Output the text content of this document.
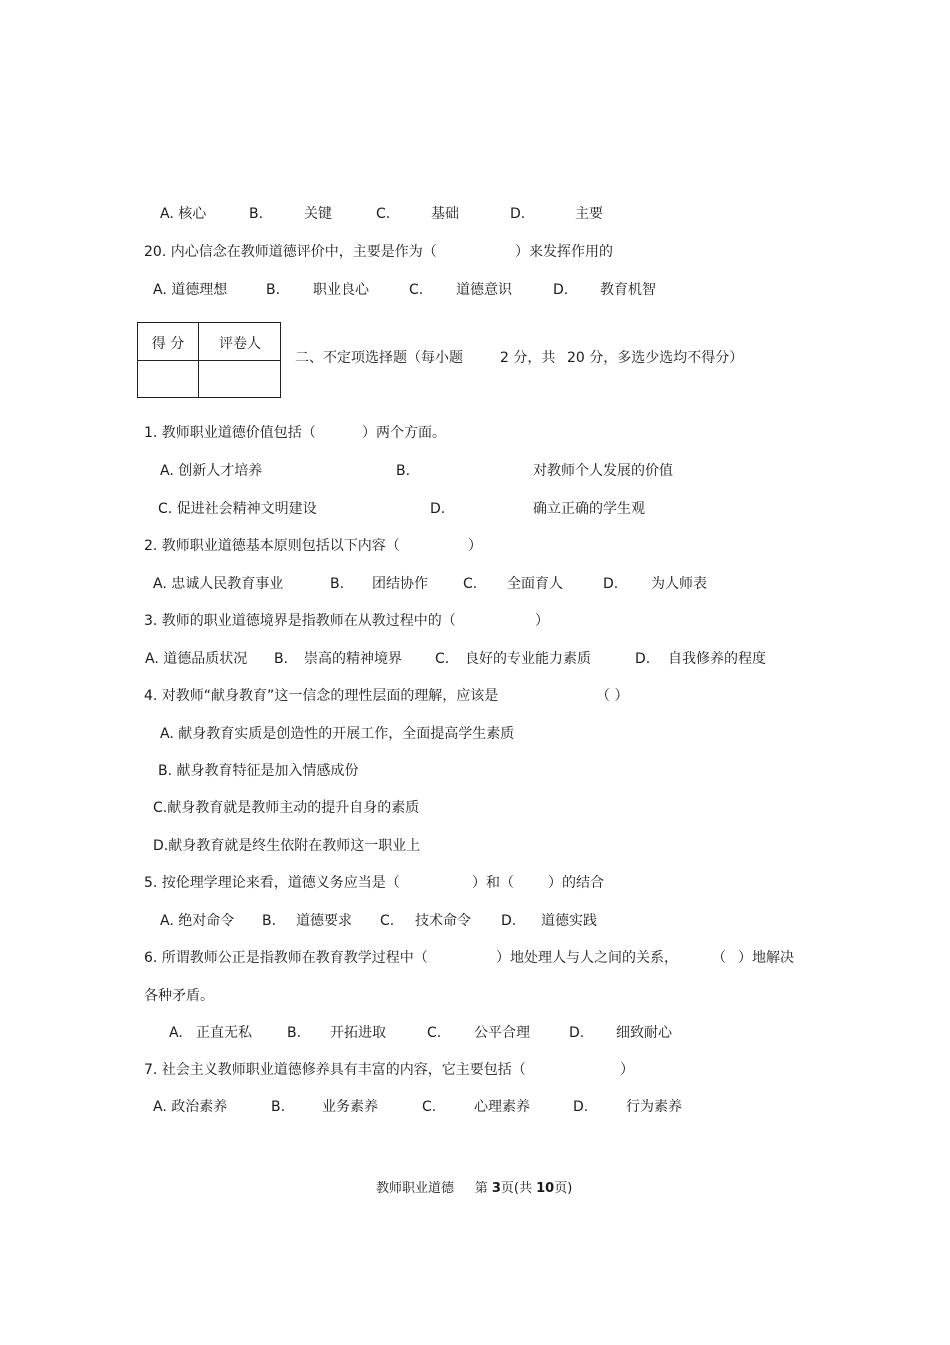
A. 核心	B.	关键	C.	基础	D.	主要
20. 内心信念在教师道德评价中，主要是作为（	）来发挥作用的
A. 道德理想	B. 职业良心	C. 道德意识	D. 教育机智
得 分	评卷人
二、不定项选择题（每小题	2 分，共 20 分，多选少选均不得分）
1. 教师职业道德价值包括（	）两个方面。
A. 创新人才培养	B.	对教师个人发展的价值
C. 促进社会精神文明建设	D.	确立正确的学生观
2. 教师职业道德基本原则包括以下内容（	）
A. 忠诚人民教育事业	B. 团结协作	C. 全面育人	D. 为人师表
3. 教师的职业道德境界是指教师在从教过程中的（	）
A. 道德品质状况 B. 崇高的精神境界 C. 良好的专业能力素质	D. 自我修养的程度
4. 对教师“献身教育”这一信念的理性层面的理解，应该是	（ ）
A. 献身教育实质是创造性的开展工作，全面提高学生素质
B. 献身教育特征是加入情感成份
C.献身教育就是教师主动的提升自身的素质
D.献身教育就是终生依附在教师这一职业上
5. 按伦理学理论来看，道德义务应当是（	）和（ ）的结合
A. 绝对命令 B. 道德要求 C. 技术命令 D. 道德实践
6. 所谓教师公正是指教师在教育教学过程中（	）地处理人与人之间的关系， （ ）地解决
各种矛盾。
A. 正直无私	B. 开拓进取	C. 公平合理	D. 细致耐心
7. 社会主义教师职业道德修养具有丰富的内容，它主要包括（	）
A. 政治素养	B.	业务素养	C.	心理素养	D.	行为素养
教师职业道德 第 3页(共 10页)
